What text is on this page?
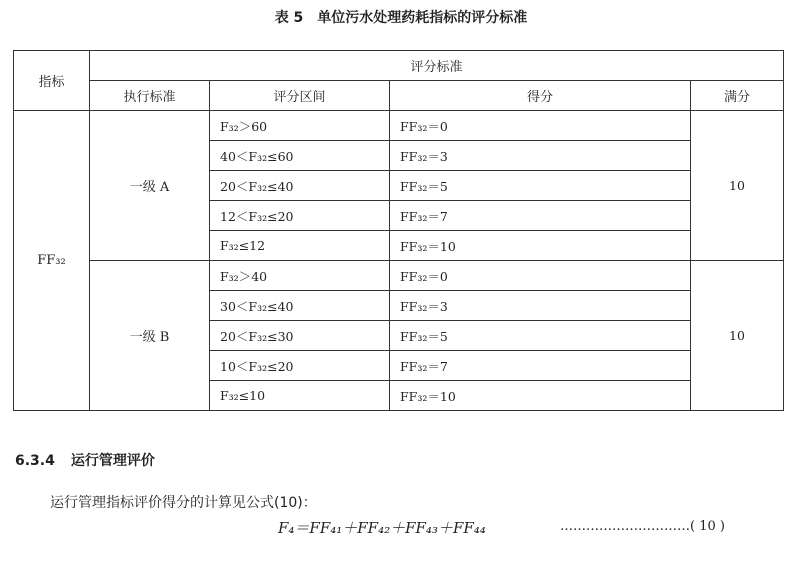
表 5　单位污水处理药耗指标的评分标准
指标	评分标准			
	执行标准	评分区间	得分	满分
FF₃₂	一级 A	F₃₂＞60	FF₃₂＝0	10
		40＜F₃₂≤60	FF₃₂＝3	
		20＜F₃₂≤40	FF₃₂＝5	
		12＜F₃₂≤20	FF₃₂＝7	
		F₃₂≤12	FF₃₂＝10	
	一级 B	F₃₂＞40	FF₃₂＝0	10
		30＜F₃₂≤40	FF₃₂＝3	
		20＜F₃₂≤30	FF₃₂＝5	
		10＜F₃₂≤20	FF₃₂＝7	
		F₃₂≤10	FF₃₂＝10	
6.3.4 运行管理评价
运行管理指标评价得分的计算见公式(10)：
F₄＝FF₄₁＋FF₄₂＋FF₄₃＋FF₄₄	…………………………( 10 )
